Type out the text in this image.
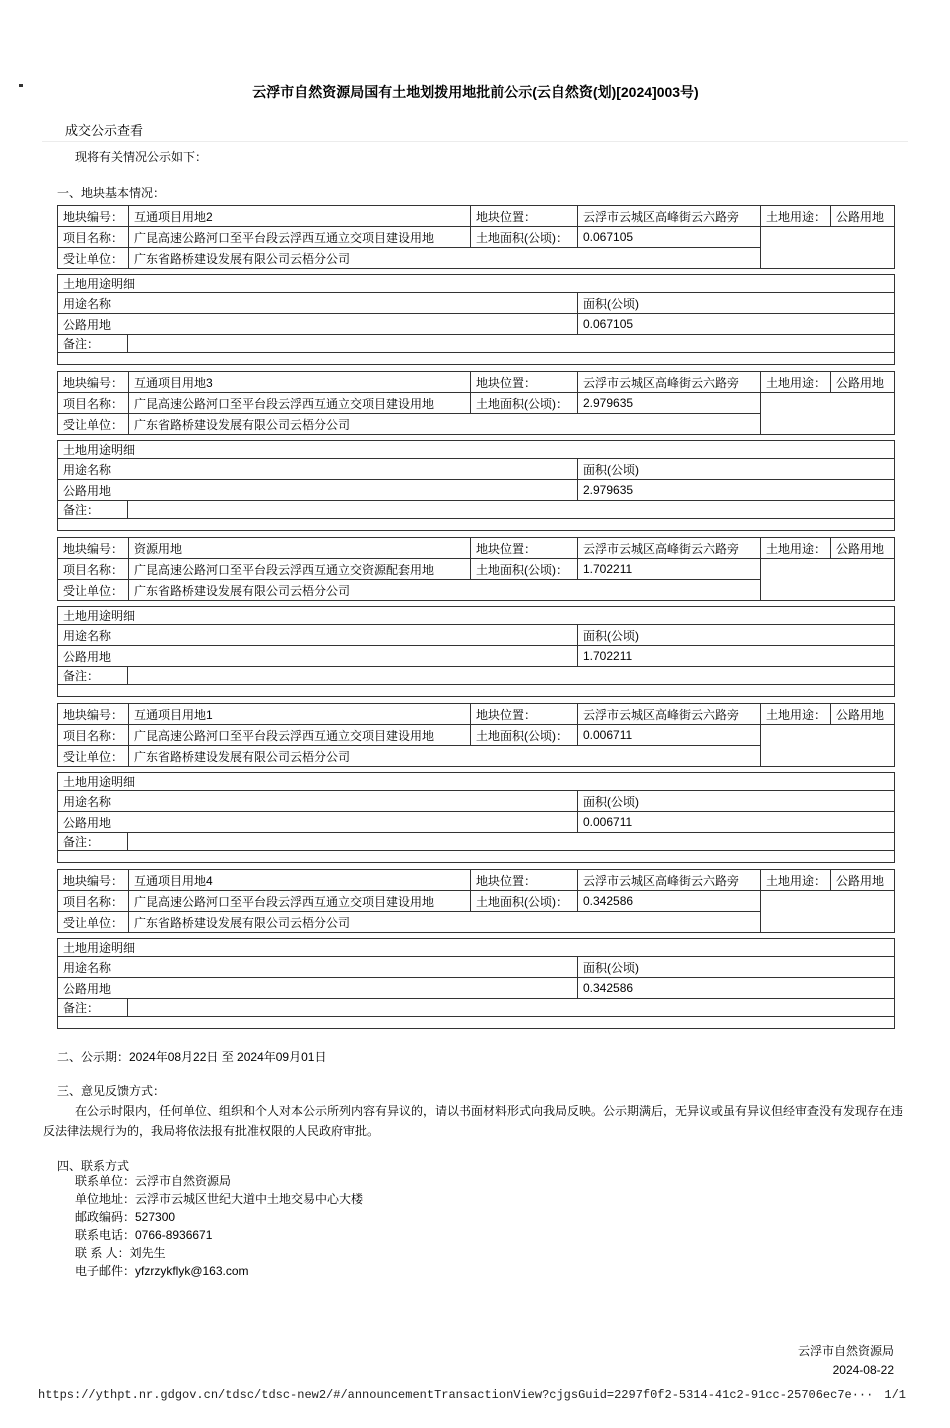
云浮市自然资源局国有土地划拨用地批前公示(云自然资(划)[2024]003号)
成交公示查看
现将有关情况公示如下：
一、地块基本情况：
地块编号：	互通项目用地2	地块位置：	云浮市云城区高峰街云六路旁	土地用途：	公路用地
项目名称：	广昆高速公路河口至平台段云浮西互通立交项目建设用地	土地面积(公顷)：	0.067105		
受让单位：	广东省路桥建设发展有限公司云梧分公司				
土地用途明细		
用途名称		面积(公顷)
公路用地		0.067105
备注：		

地块编号：	互通项目用地3	地块位置：	云浮市云城区高峰街云六路旁	土地用途：	公路用地
项目名称：	广昆高速公路河口至平台段云浮西互通立交项目建设用地	土地面积(公顷)：	2.979635		
受让单位：	广东省路桥建设发展有限公司云梧分公司				
土地用途明细		
用途名称		面积(公顷)
公路用地		2.979635
备注：		

地块编号：	资源用地	地块位置：	云浮市云城区高峰街云六路旁	土地用途：	公路用地
项目名称：	广昆高速公路河口至平台段云浮西互通立交资源配套用地	土地面积(公顷)：	1.702211		
受让单位：	广东省路桥建设发展有限公司云梧分公司				
土地用途明细		
用途名称		面积(公顷)
公路用地		1.702211
备注：		

地块编号：	互通项目用地1	地块位置：	云浮市云城区高峰街云六路旁	土地用途：	公路用地
项目名称：	广昆高速公路河口至平台段云浮西互通立交项目建设用地	土地面积(公顷)：	0.006711		
受让单位：	广东省路桥建设发展有限公司云梧分公司				
土地用途明细		
用途名称		面积(公顷)
公路用地		0.006711
备注：		

地块编号：	互通项目用地4	地块位置：	云浮市云城区高峰街云六路旁	土地用途：	公路用地
项目名称：	广昆高速公路河口至平台段云浮西互通立交项目建设用地	土地面积(公顷)：	0.342586		
受让单位：	广东省路桥建设发展有限公司云梧分公司				
土地用途明细		
用途名称		面积(公顷)
公路用地		0.342586
备注：		

二、公示期：2024年08月22日 至 2024年09月01日
三、意见反馈方式：
在公示时限内，任何单位、组织和个人对本公示所列内容有异议的，请以书面材料形式向我局反映。公示期满后，无异议或虽有异议但经审查没有发现存在违反法律法规行为的，我局将依法报有批准权限的人民政府审批。
四、联系方式
联系单位：云浮市自然资源局
单位地址：云浮市云城区世纪大道中土地交易中心大楼
邮政编码：527300
联系电话：0766-8936671
联 系 人：刘先生
电子邮件：yfzrzykflyk@163.com
云浮市自然资源局
2024-08-22
https://ythpt.nr.gdgov.cn/tdsc/tdsc-new2/#/announcementTransactionView?cjgsGuid=2297f0f2-5314-41c2-91cc-25706ec7e··· 1/1
